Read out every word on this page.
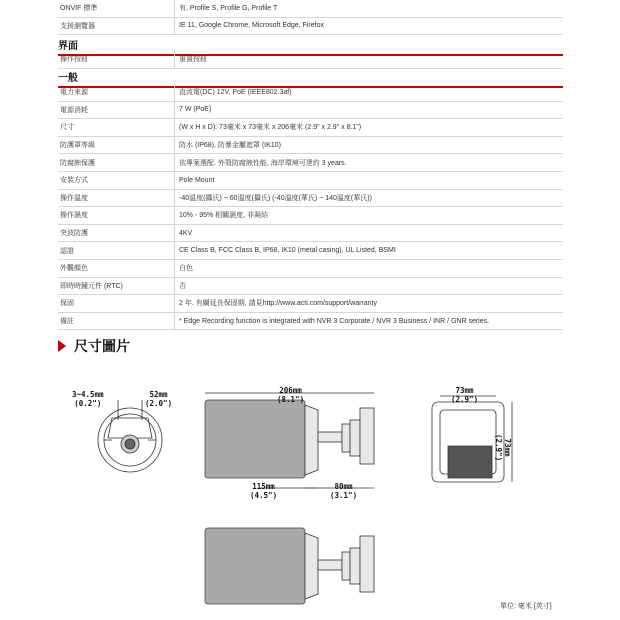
ONVIF 標準	有, Profile S, Profile G, Profile T
支援瀏覽器	IE 11, Google Chrome, Microsoft Edge, Firefox
界面
操作按鈕	重置按鈕
一般
電力來源	直流電(DC) 12V, PoE (IEEE802.3af)
電源消耗	7 W (PoE)
尺寸	(W x H x D): 73毫米 x 73毫米 x 206毫米 (2.9" x 2.9" x 8.1")
防護罩等級	防水 (IP68), 防暴金屬遮罩 (IK10)
防腐蝕保護	依專案選配. 外殼防腐蝕性能, 海岸環境可達約 3 years.
安裝方式	Pole Mount
操作溫度	-40溫度(攝氏) ~ 60溫度(攝氏) (-40溫度(華氏) ~ 140溫度(華氏))
操作濕度	10% - 95% 相關濕度, 非凝結
突波防護	4KV
認證	CE Class B, FCC Class B, IP68, IK10 (metal casing), UL Listed, BSMI
外觀顏色	白色
即時時鐘元件 (RTC)	否
保固	2 年. 有關延長保固期, 請見http://www.acti.com/support/warranty
備註	* Edge Recording function is integrated with NVR 3 Corporate / NVR 3 Business / INR / GNR series.
尺寸圖片
3~4.5mm
(0.2")
52mm
(2.0")
206mm
(8.1")
115mm
(4.5")
80mm
(3.1")
73mm
(2.9")
73mm
(2.9")
單位: 毫米 [英寸]
